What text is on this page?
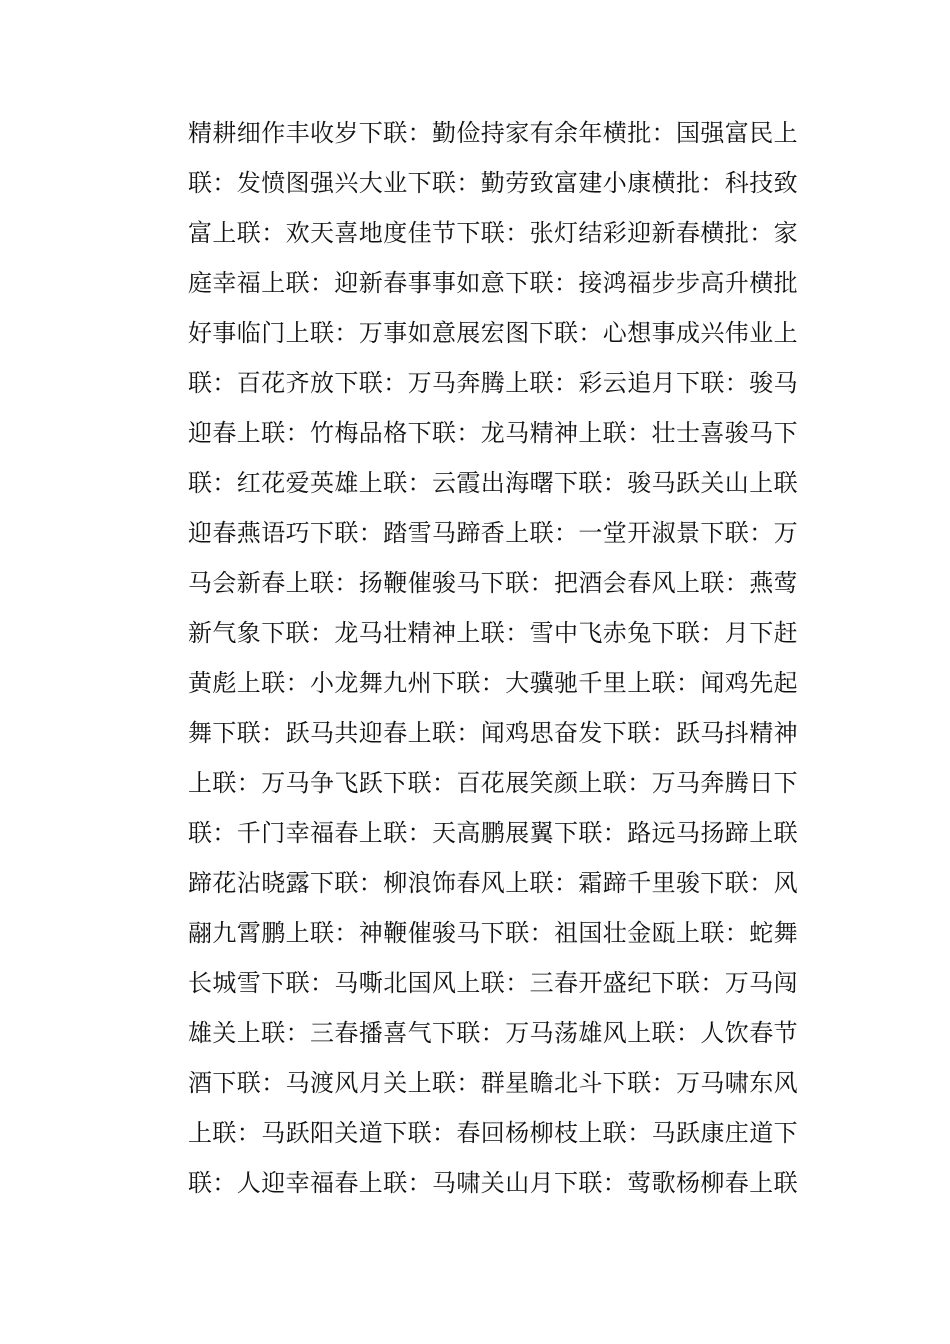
精耕细作丰收岁下联：勤俭持家有余年横批：国强富民上
联：发愤图强兴大业下联：勤劳致富建小康横批：科技致
富上联：欢天喜地度佳节下联：张灯结彩迎新春横批：家
庭幸福上联：迎新春事事如意下联：接鸿福步步高升横批
好事临门上联：万事如意展宏图下联：心想事成兴伟业上
联：百花齐放下联：万马奔腾上联：彩云追月下联：骏马
迎春上联：竹梅品格下联：龙马精神上联：壮士喜骏马下
联：红花爱英雄上联：云霞出海曙下联：骏马跃关山上联
迎春燕语巧下联：踏雪马蹄香上联：一堂开淑景下联：万
马会新春上联：扬鞭催骏马下联：把酒会春风上联：燕莺
新气象下联：龙马壮精神上联：雪中飞赤兔下联：月下赶
黄彪上联：小龙舞九州下联：大骥驰千里上联：闻鸡先起
舞下联：跃马共迎春上联：闻鸡思奋发下联：跃马抖精神
上联：万马争飞跃下联：百花展笑颜上联：万马奔腾日下
联：千门幸福春上联：天高鹏展翼下联：路远马扬蹄上联
蹄花沾晓露下联：柳浪饰春风上联：霜蹄千里骏下联：风
翮九霄鹏上联：神鞭催骏马下联：祖国壮金瓯上联：蛇舞
长城雪下联：马嘶北国风上联：三春开盛纪下联：万马闯
雄关上联：三春播喜气下联：万马荡雄风上联：人饮春节
酒下联：马渡风月关上联：群星瞻北斗下联：万马啸东风
上联：马跃阳关道下联：春回杨柳枝上联：马跃康庄道下
联：人迎幸福春上联：马啸关山月下联：莺歌杨柳春上联
